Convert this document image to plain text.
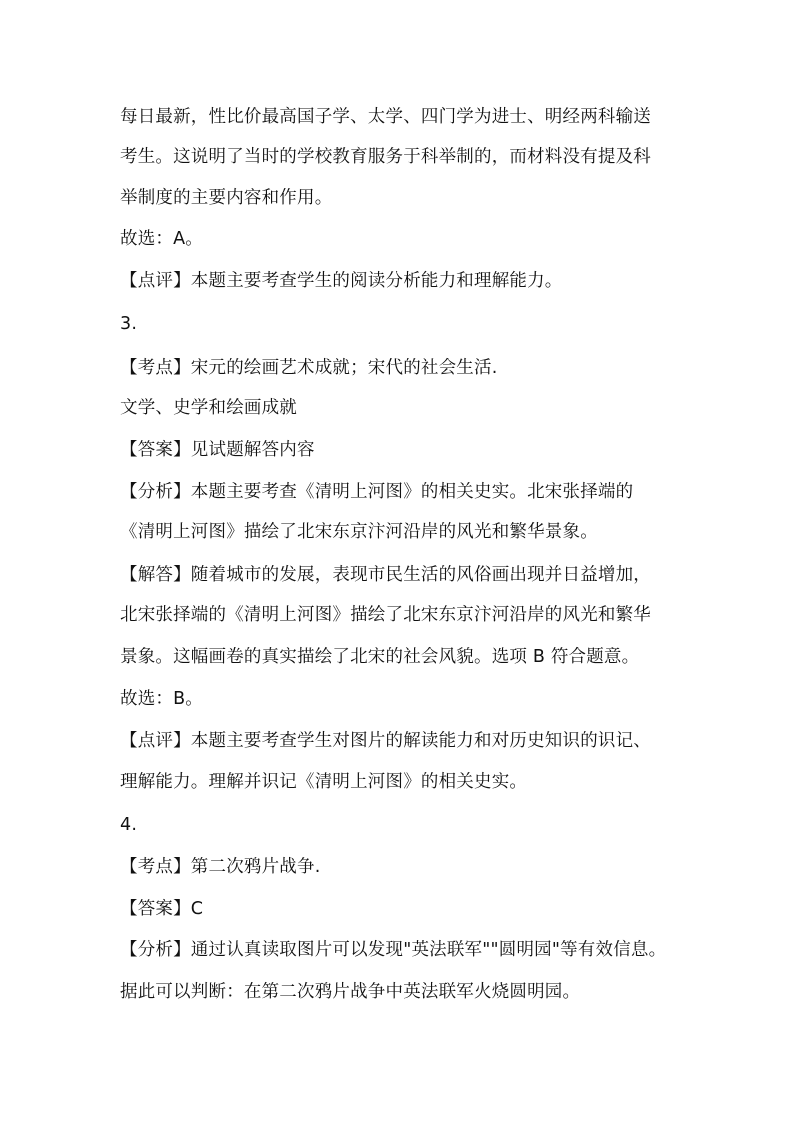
每日最新，性比价最高国子学、太学、四门学为进士、明经两科输送
考生。这说明了当时的学校教育服务于科举制的，而材料没有提及科
举制度的主要内容和作用。
故选：A。
【点评】本题主要考查学生的阅读分析能力和理解能力。
3.
【考点】宋元的绘画艺术成就；宋代的社会生活.
文学、史学和绘画成就
【答案】见试题解答内容
【分析】本题主要考查《清明上河图》的相关史实。北宋张择端的
《清明上河图》描绘了北宋东京汴河沿岸的风光和繁华景象。
【解答】随着城市的发展，表现市民生活的风俗画出现并日益增加，
北宋张择端的《清明上河图》描绘了北宋东京汴河沿岸的风光和繁华
景象。这幅画卷的真实描绘了北宋的社会风貌。选项 B 符合题意。
故选：B。
【点评】本题主要考查学生对图片的解读能力和对历史知识的识记、
理解能力。理解并识记《清明上河图》的相关史实。
4.
【考点】第二次鸦片战争.
【答案】C
【分析】通过认真读取图片可以发现"英法联军""圆明园"等有效信息。
据此可以判断：在第二次鸦片战争中英法联军火烧圆明园。
